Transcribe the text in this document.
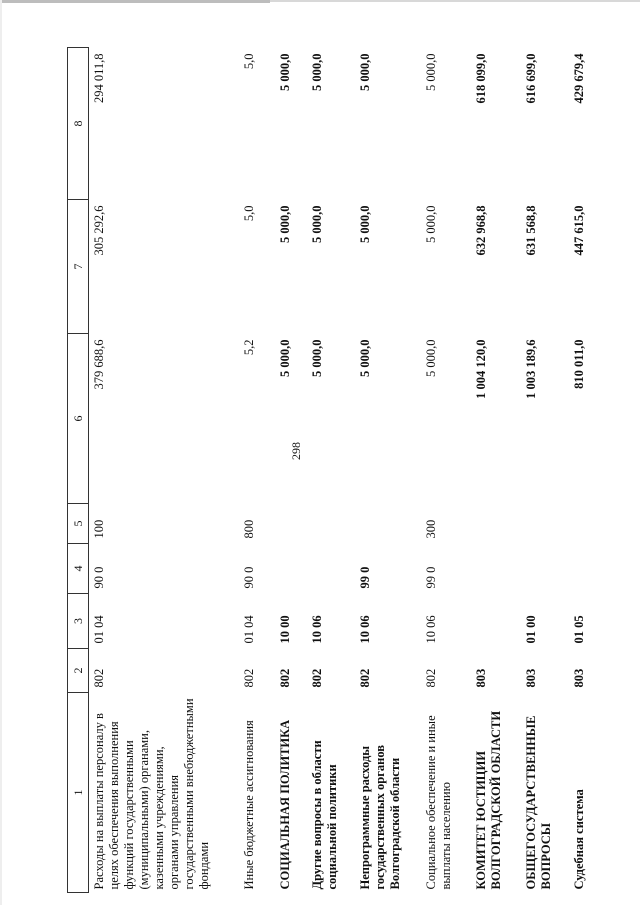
298
1	2	3	4	5	6	7	8
Расходы на выплаты персоналу в целях обеспечения выполнения функций государственными (муниципальными) органами, казенными учреждениями, органами управления государственными внебюджетными фондами	802	01 04	90 0	100	379 688,6	305 292,6	294 011,8
Иные бюджетные ассигнования	802	01 04	90 0	800	5,2	5,0	5,0
СОЦИАЛЬНАЯ ПОЛИТИКА	802	10 00			5 000,0	5 000,0	5 000,0
Другие вопросы в области социальной политики	802	10 06			5 000,0	5 000,0	5 000,0
Непрограммные расходы государственных органов Волгоградской области	802	10 06	99 0		5 000,0	5 000,0	5 000,0
Социальное обеспечение и иные выплаты населению	802	10 06	99 0	300	5 000,0	5 000,0	5 000,0
КОМИТЕТ ЮСТИЦИИ ВОЛГОГРАДСКОЙ ОБЛАСТИ	803				1 004 120,0	632 968,8	618 099,0
ОБЩЕГОСУДАРСТВЕННЫЕ ВОПРОСЫ	803	01 00			1 003 189,6	631 568,8	616 699,0
Судебная система	803	01 05			810 011,0	447 615,0	429 679,4
